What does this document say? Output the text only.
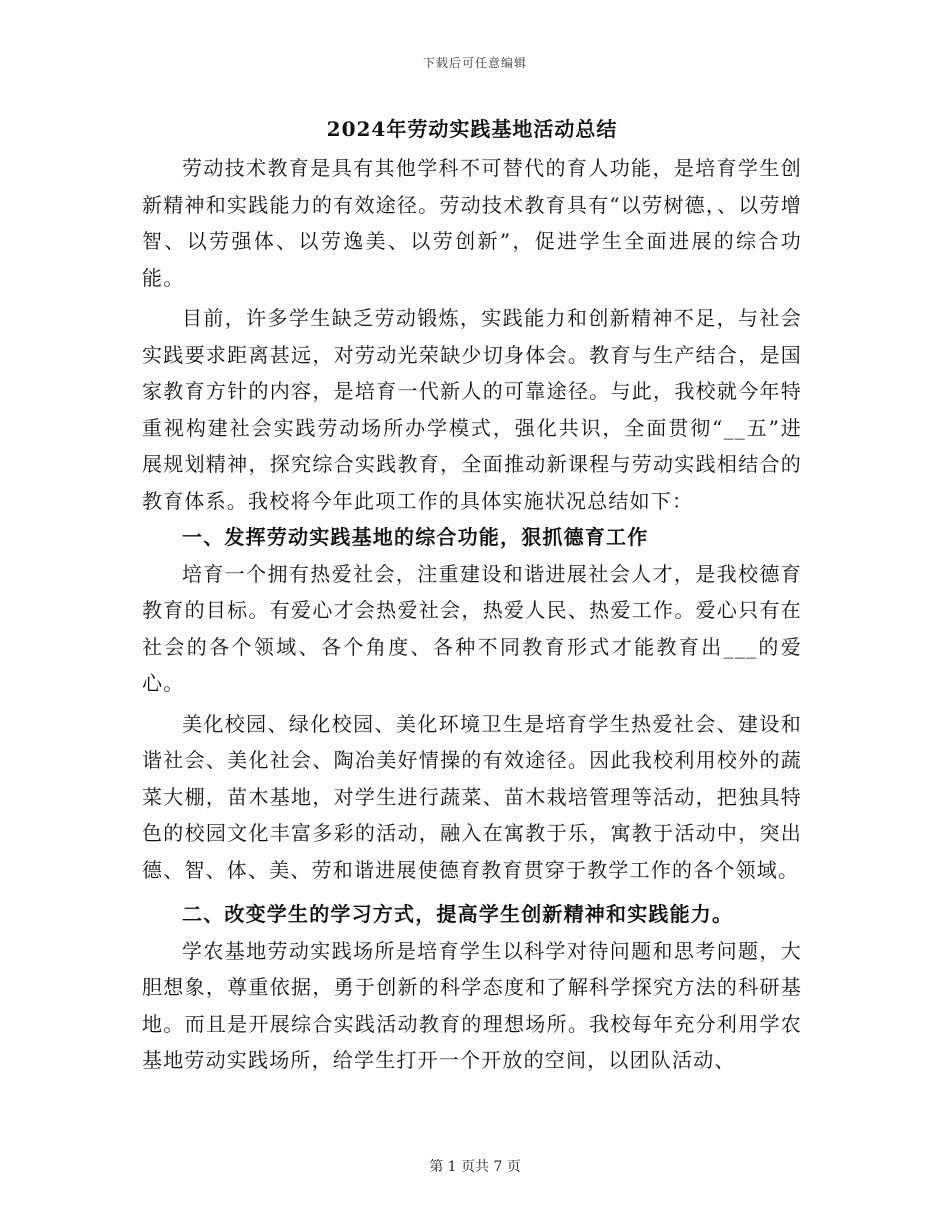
下载后可任意编辑
2024年劳动实践基地活动总结

劳动技术教育是具有其他学科不可替代的育人功能，是培育学生创新精神和实践能力的有效途径。劳动技术教育具有“以劳树德，、以劳增智、以劳强体、以劳逸美、以劳创新”，促进学生全面进展的综合功能。

目前，许多学生缺乏劳动锻炼，实践能力和创新精神不足，与社会实践要求距离甚远，对劳动光荣缺少切身体会。教育与生产结合，是国家教育方针的内容，是培育一代新人的可靠途径。与此，我校就今年特重视构建社会实践劳动场所办学模式，强化共识，全面贯彻“__五”进展规划精神，探究综合实践教育，全面推动新课程与劳动实践相结合的教育体系。我校将今年此项工作的具体实施状况总结如下：

一、发挥劳动实践基地的综合功能，狠抓德育工作

培育一个拥有热爱社会，注重建设和谐进展社会人才，是我校德育教育的目标。有爱心才会热爱社会，热爱人民、热爱工作。爱心只有在社会的各个领域、各个角度、各种不同教育形式才能教育出___的爱心。

美化校园、绿化校园、美化环境卫生是培育学生热爱社会、建设和谐社会、美化社会、陶冶美好情操的有效途径。因此我校利用校外的蔬菜大棚，苗木基地，对学生进行蔬菜、苗木栽培管理等活动，把独具特色的校园文化丰富多彩的活动，融入在寓教于乐，寓教于活动中，突出德、智、体、美、劳和谐进展使德育教育贯穿于教学工作的各个领域。

二、改变学生的学习方式，提高学生创新精神和实践能力。

学农基地劳动实践场所是培育学生以科学对待问题和思考问题，大胆想象，尊重依据，勇于创新的科学态度和了解科学探究方法的科研基地。而且是开展综合实践活动教育的理想场所。我校每年充分利用学农基地劳动实践场所，给学生打开一个开放的空间，以团队活动、

第 1 页共 7 页
